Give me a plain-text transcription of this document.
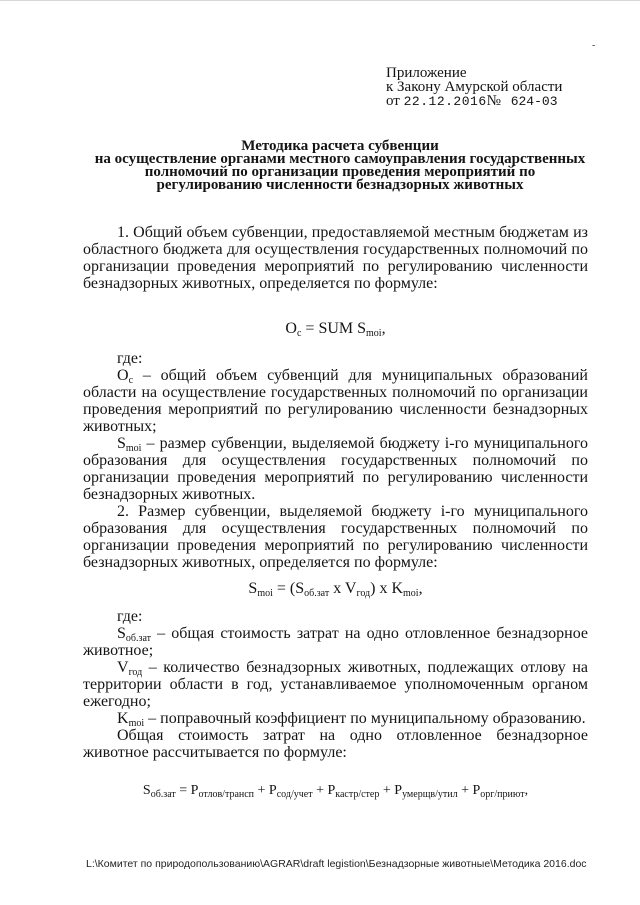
-
Приложение
к Закону Амурской области
от 22.12.2016№ 624-03
Методика расчета субвенции
на осуществление органами местного самоуправления государственных
полномочий по организации проведения мероприятий по
регулированию численности безнадзорных животных

1. Общий объем субвенции, предоставляемой местным бюджетам из областного бюджета для осуществления государственных полномочий по организации проведения мероприятий по регулированию численности безнадзорных животных, определяется по формуле:

$O_c$ = SUM $S_{moi}$,

где:

$O_c$ – общий объем субвенций для муниципальных образований области на осуществление государственных полномочий по организации проведения мероприятий по регулированию численности безнадзорных животных;

$S_{moi}$ – размер субвенции, выделяемой бюджету i-го муниципального образования для осуществления государственных полномочий по организации проведения мероприятий по регулированию численности безнадзорных животных.

2. Размер субвенции, выделяемой бюджету i-го муниципального образования для осуществления государственных полномочий по организации проведения мероприятий по регулированию численности безнадзорных животных, определяется по формуле:

$S_{moi} = (S_{об.зат}$ x $V_{год}$) x $K_{moi}$,

где:

$S_{об.зат}$ – общая стоимость затрат на одно отловленное безнадзорное животное;

$V_{год}$ – количество безнадзорных животных, подлежащих отлову на территории области в год, устанавливаемое уполномоченным органом ежегодно;

$K_{moi}$ – поправочный коэффициент по муниципальному образованию.

Общая стоимость затрат на одно отловленное безнадзорное животное рассчитывается по формуле:

$S_{об.зат} = P_{отлов/трансп} + P_{сод/учет} + P_{кастр/стер} + P_{умерщв/утил} + P_{орг/приют}$,
L:\Комитет по природопользованию\AGRAR\draft legistion\Безнадзорные животные\Методика 2016.doc
